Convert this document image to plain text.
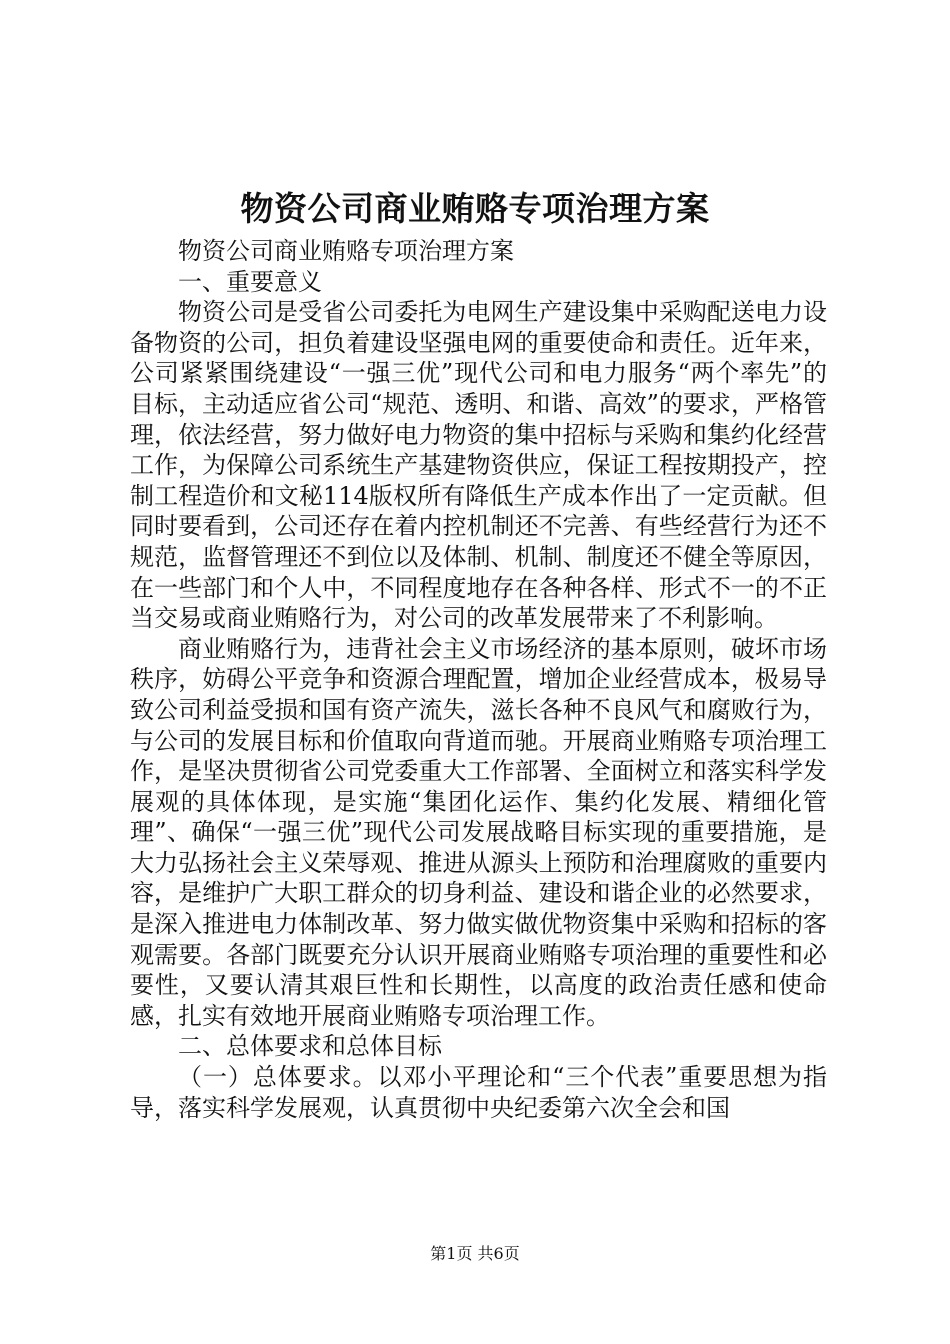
物资公司商业贿赂专项治理方案

物资公司商业贿赂专项治理方案

一、重要意义

物资公司是受省公司委托为电网生产建设集中采购配送电力设备物资的公司，担负着建设坚强电网的重要使命和责任。近年来，公司紧紧围绕建设“一强三优”现代公司和电力服务“两个率先”的目标，主动适应省公司“规范、透明、和谐、高效”的要求，严格管理，依法经营，努力做好电力物资的集中招标与采购和集约化经营工作，为保障公司系统生产基建物资供应，保证工程按期投产，控制工程造价和文秘114版权所有降低生产成本作出了一定贡献。但同时要看到，公司还存在着内控机制还不完善、有些经营行为还不规范，监督管理还不到位以及体制、机制、制度还不健全等原因，在一些部门和个人中，不同程度地存在各种各样、形式不一的不正当交易或商业贿赂行为，对公司的改革发展带来了不利影响。

商业贿赂行为，违背社会主义市场经济的基本原则，破坏市场秩序，妨碍公平竞争和资源合理配置，增加企业经营成本，极易导致公司利益受损和国有资产流失，滋长各种不良风气和腐败行为，与公司的发展目标和价值取向背道而驰。开展商业贿赂专项治理工作，是坚决贯彻省公司党委重大工作部署、全面树立和落实科学发展观的具体体现，是实施“集团化运作、集约化发展、精细化管理”、确保“一强三优”现代公司发展战略目标实现的重要措施，是大力弘扬社会主义荣辱观、推进从源头上预防和治理腐败的重要内容，是维护广大职工群众的切身利益、建设和谐企业的必然要求，是深入推进电力体制改革、努力做实做优物资集中采购和招标的客观需要。各部门既要充分认识开展商业贿赂专项治理的重要性和必要性，又要认清其艰巨性和长期性，以高度的政治责任感和使命感，扎实有效地开展商业贿赂专项治理工作。

二、总体要求和总体目标

（一）总体要求。以邓小平理论和“三个代表”重要思想为指导，落实科学发展观，认真贯彻中央纪委第六次全会和国

第1页 共6页
